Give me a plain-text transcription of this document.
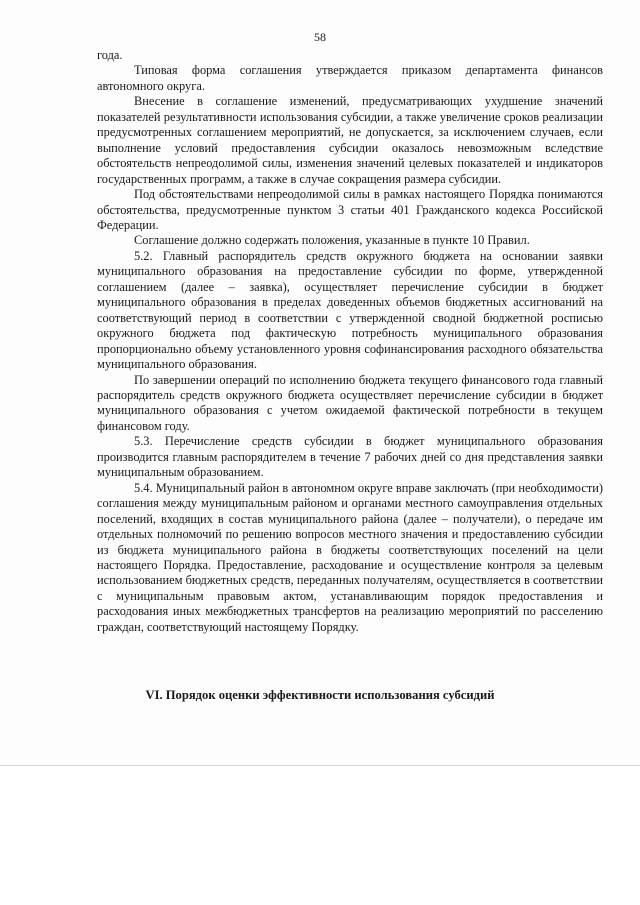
58

года.

Типовая форма соглашения утверждается приказом департамента финансов автономного округа.

Внесение в соглашение изменений, предусматривающих ухудшение значений показателей результативности использования субсидии, а также увеличение сроков реализации предусмотренных соглашением мероприятий, не допускается, за исключением случаев, если выполнение условий предоставления субсидии оказалось невозможным вследствие обстоятельств непреодолимой силы, изменения значений целевых показателей и индикаторов государственных программ, а также в случае сокращения размера субсидии.

Под обстоятельствами непреодолимой силы в рамках настоящего Порядка понимаются обстоятельства, предусмотренные пунктом 3 статьи 401 Гражданского кодекса Российской Федерации.

Соглашение должно содержать положения, указанные в пункте 10 Правил.

5.2. Главный распорядитель средств окружного бюджета на основании заявки муниципального образования на предоставление субсидии по форме, утвержденной соглашением (далее – заявка), осуществляет перечисление субсидии в бюджет муниципального образования в пределах доведенных объемов бюджетных ассигнований на соответствующий период в соответствии с утвержденной сводной бюджетной росписью окружного бюджета под фактическую потребность муниципального образования пропорционально объему установленного уровня софинансирования расходного обязательства муниципального образования.

По завершении операций по исполнению бюджета текущего финансового года главный распорядитель средств окружного бюджета осуществляет перечисление субсидии в бюджет муниципального образования с учетом ожидаемой фактической потребности в текущем финансовом году.

5.3. Перечисление средств субсидии в бюджет муниципального образования производится главным распорядителем в течение 7 рабочих дней со дня представления заявки муниципальным образованием.

5.4. Муниципальный район в автономном округе вправе заключать (при необходимости) соглашения между муниципальным районом и органами местного самоуправления отдельных поселений, входящих в состав муниципального района (далее – получатели), о передаче им отдельных полномочий по решению вопросов местного значения и предоставлению субсидии из бюджета муниципального района в бюджеты соответствующих поселений на цели настоящего Порядка. Предоставление, расходование и осуществление контроля за целевым использованием бюджетных средств, переданных получателям, осуществляется в соответствии с муниципальным правовым актом, устанавливающим порядок предоставления и расходования иных межбюджетных трансфертов на реализацию мероприятий по расселению граждан, соответствующий настоящему Порядку.

VI. Порядок оценки эффективности использования субсидий
